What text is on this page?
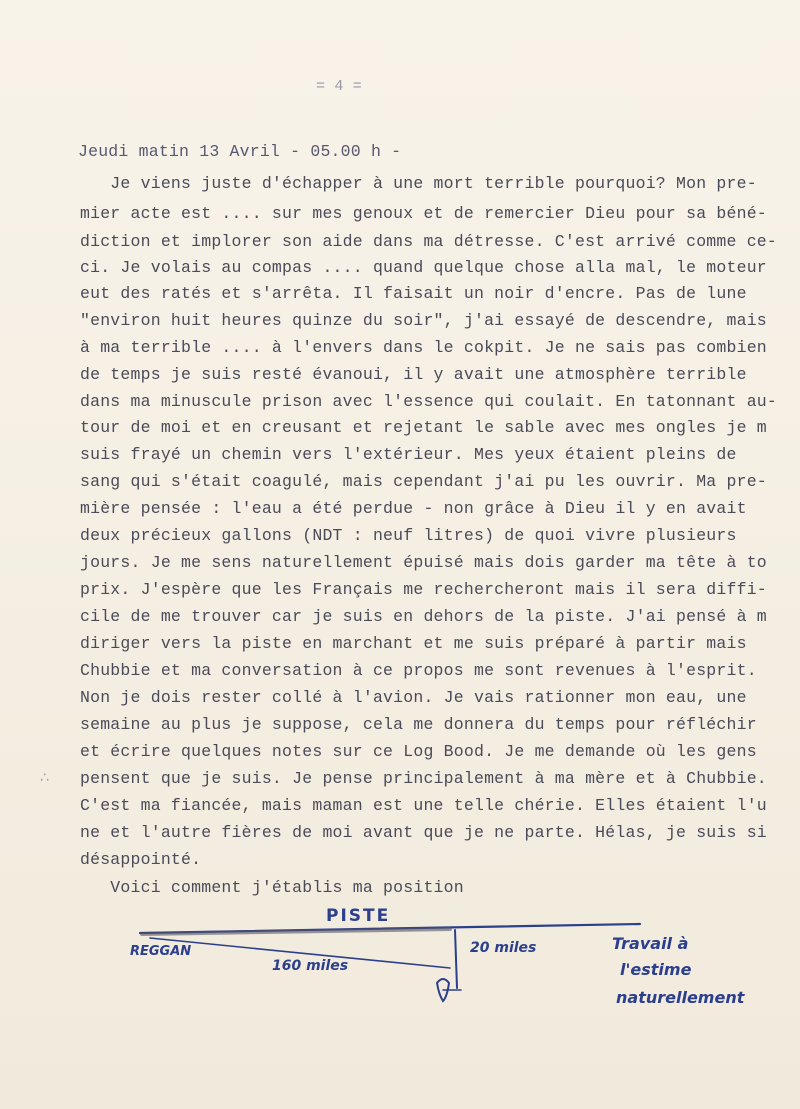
= 4 =
Jeudi matin 13 Avril - 05.00 h -
Je viens juste d'échapper à une mort terrible pourquoi? Mon pre-
mier acte est .... sur mes genoux et de remercier Dieu pour sa béné-
diction et implorer son aide dans ma détresse. C'est arrivé comme ce-
ci. Je volais au compas .... quand quelque chose alla mal, le moteur
eut des ratés et s'arrêta. Il faisait un noir d'encre. Pas de lune
"environ huit heures quinze du soir", j'ai essayé de descendre, mais
à ma terrible .... à l'envers dans le cokpit. Je ne sais pas combien
de temps je suis resté évanoui, il y avait une atmosphère terrible
dans ma minuscule prison avec l'essence qui coulait. En tatonnant au-
tour de moi et en creusant et rejetant le sable avec mes ongles je m
suis frayé un chemin vers l'extérieur. Mes yeux étaient pleins de
sang qui s'était coagulé, mais cependant j'ai pu les ouvrir. Ma pre-
mière pensée : l'eau a été perdue - non grâce à Dieu il y en avait
deux précieux gallons (NDT : neuf litres) de quoi vivre plusieurs
jours. Je me sens naturellement épuisé mais dois garder ma tête à to
prix. J'espère que les Français me rechercheront mais il sera diffi-
cile de me trouver car je suis en dehors de la piste. J'ai pensé à m
diriger vers la piste en marchant et me suis préparé à partir mais
Chubbie et ma conversation à ce propos me sont revenues à l'esprit.
Non je dois rester collé à l'avion. Je vais rationner mon eau, une
semaine au plus je suppose, cela me donnera du temps pour réfléchir
et écrire quelques notes sur ce Log Bood. Je me demande où les gens
pensent que je suis. Je pense principalement à ma mère et à Chubbie.
C'est ma fiancée, mais maman est une telle chérie. Elles étaient l'u
ne et l'autre fières de moi avant que je ne parte. Hélas, je suis si
désappointé.
Voici comment j'établis ma position
∴
PISTE
REGGAN
160 miles
20 miles	Travail à
l'estime
naturellement
